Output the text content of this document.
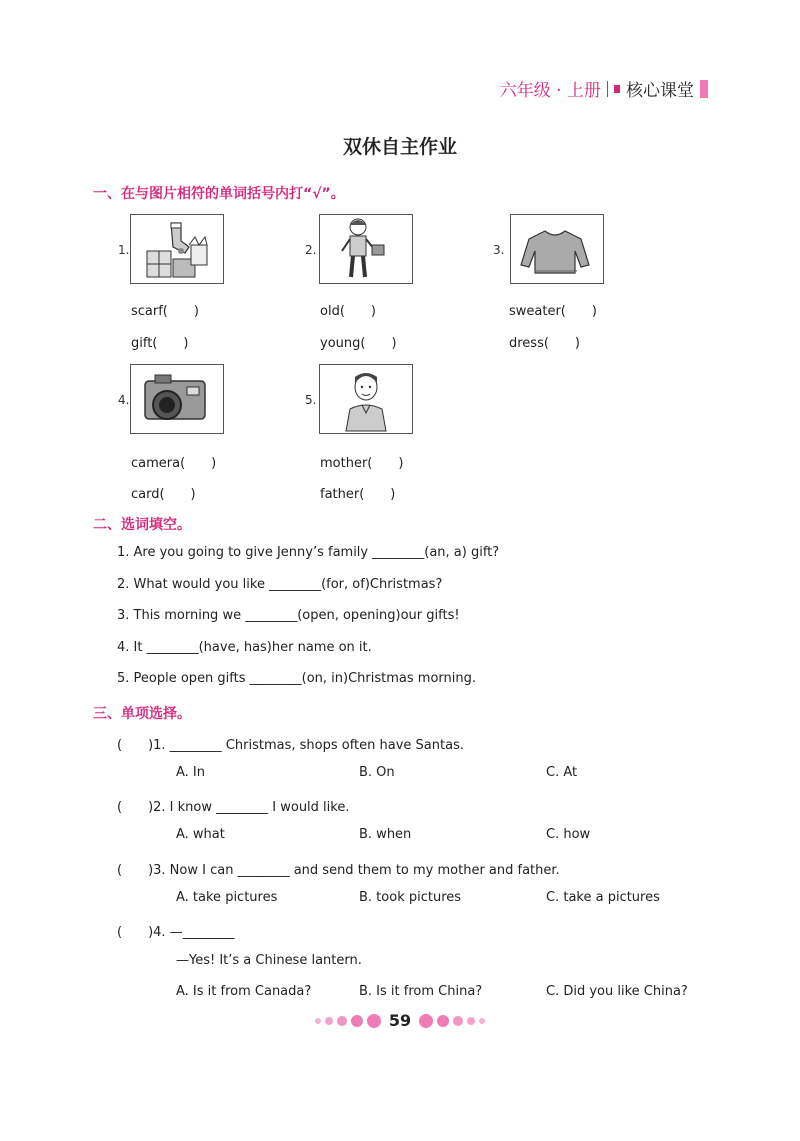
六年级 · 上册 核心课堂
双休自主作业
一、在与图片相符的单词括号内打“√”。
1.
scarf(　　)
gift(　　)
2.
old(　　)
young(　　)
3.
sweater(　　)
dress(　　)
4.
camera(　　)
card(　　)
5.
mother(　　)
father(　　)
二、选词填空。
1. Are you going to give Jenny’s family ________(an, a) gift?
2. What would you like ________(for, of)Christmas?
3. This morning we ________(open, opening)our gifts!
4. It ________(have, has)her name on it.
5. People open gifts ________(on, in)Christmas morning.
三、单项选择。
(　　)1. ________ Christmas, shops often have Santas.
A. In	B. On	C. At
(　　)2. I know ________ I would like.
A. what	B. when	C. how
(　　)3. Now I can ________ and send them to my mother and father.
A. take pictures	B. took pictures	C. take a pictures
(　　)4. —________
—Yes! It’s a Chinese lantern.
A. Is it from Canada?	B. Is it from China?	C. Did you like China?
59
